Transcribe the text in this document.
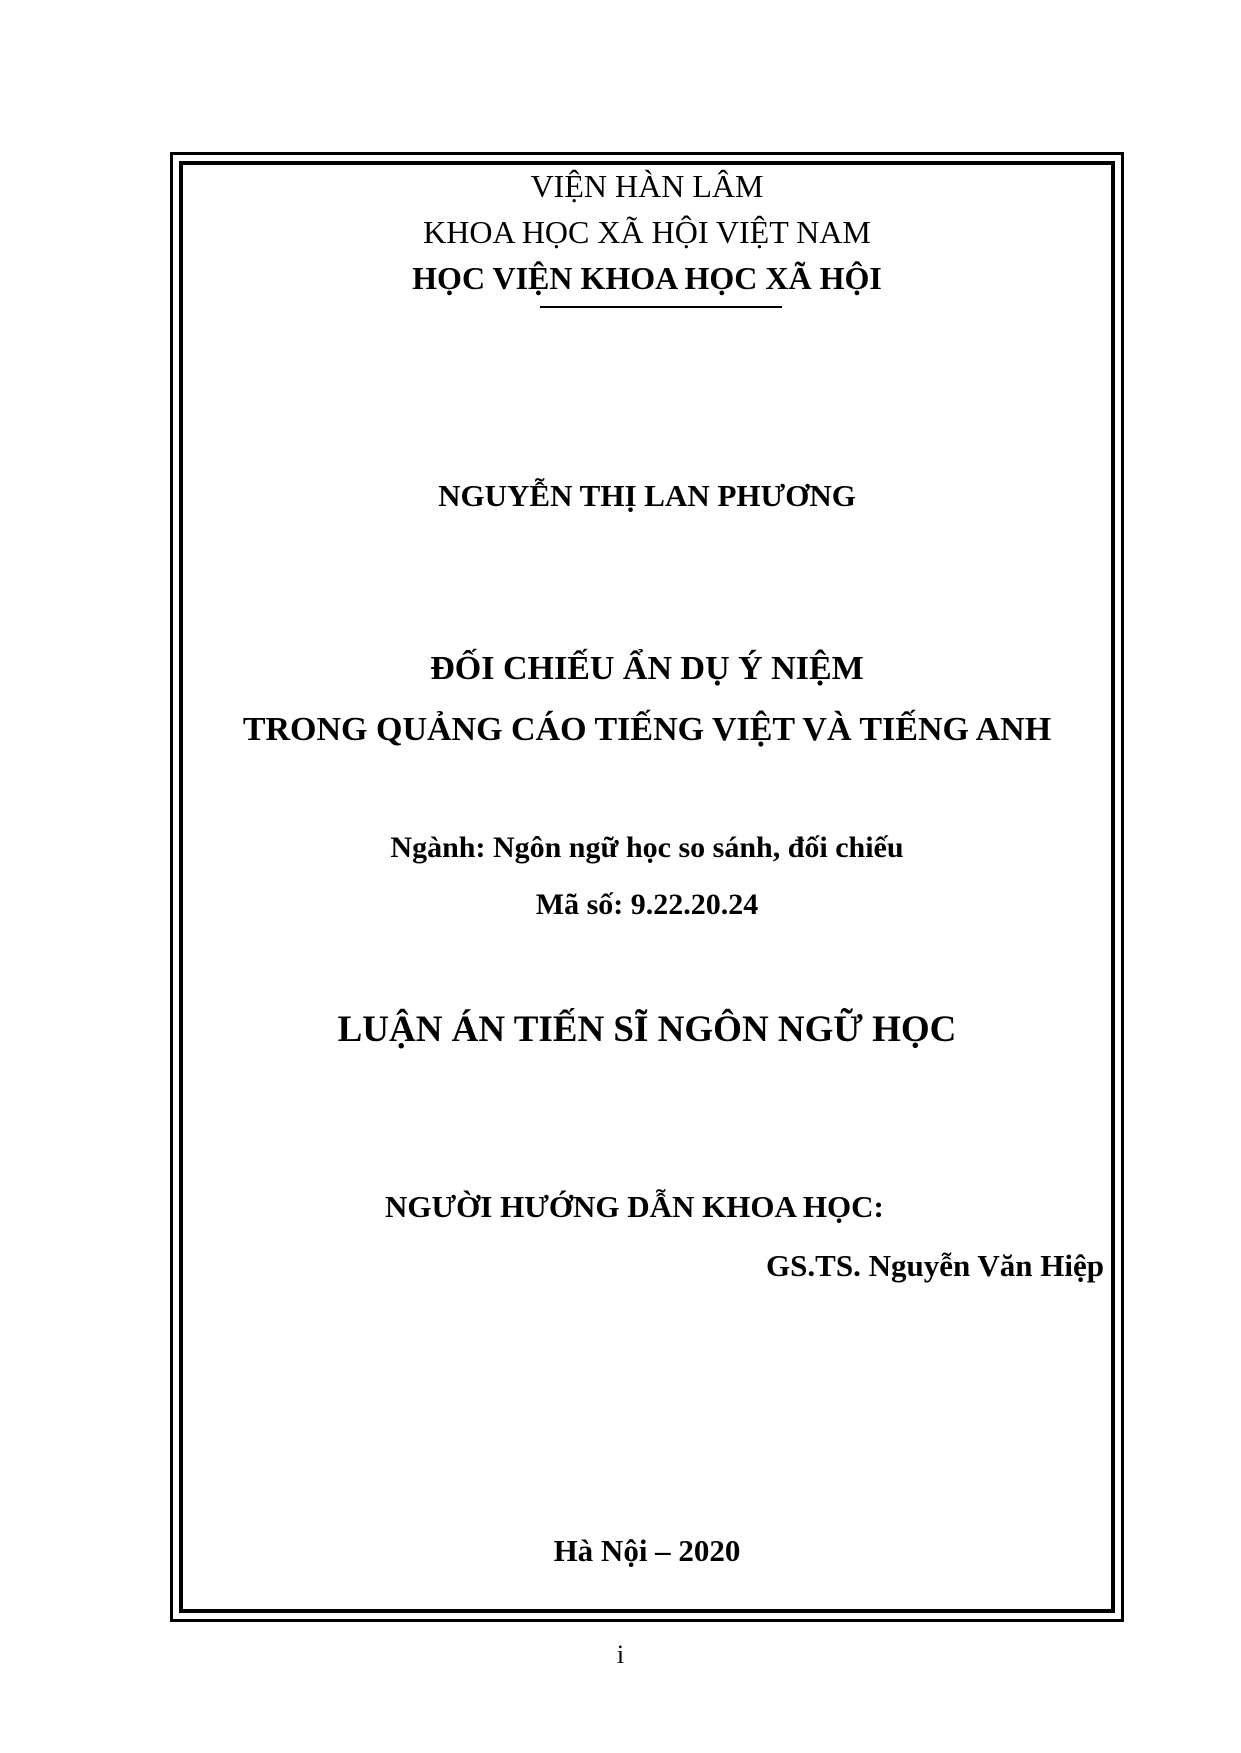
VIỆN HÀN LÂM
KHOA HỌC XÃ HỘI VIỆT NAM
HỌC VIỆN KHOA HỌC XÃ HỘI
NGUYỄN THỊ LAN PHƯƠNG
ĐỐI CHIẾU ẨN DỤ Ý NIỆM
TRONG QUẢNG CÁO TIẾNG VIỆT VÀ TIẾNG ANH
Ngành: Ngôn ngữ học so sánh, đối chiếu
Mã số: 9.22.20.24
LUẬN ÁN TIẾN SĨ NGÔN NGỮ HỌC
NGƯỜI HƯỚNG DẪN KHOA HỌC:
GS.TS. Nguyễn Văn Hiệp
Hà Nội – 2020
i
